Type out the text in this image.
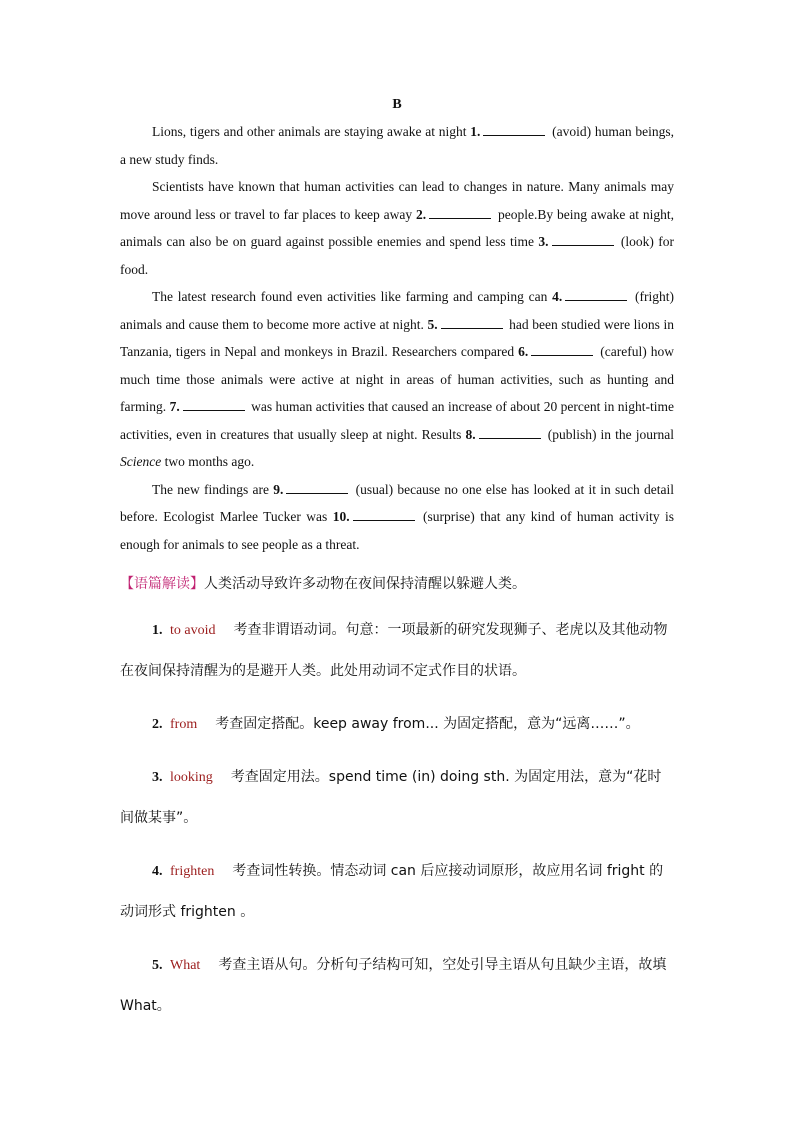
B

Lions, tigers and other animals are staying awake at night 1.	(avoid) human beings, a new study finds.

Scientists have known that human activities can lead to changes in nature. Many animals may move around less or travel to far places to keep away 2.	people.By being awake at night, animals can also be on guard against possible enemies and spend less time 3.	(look) for food.

The latest research found even activities like farming and camping can 4.	(fright) animals and cause them to become more active at night. 5.	had been studied were lions in Tanzania, tigers in Nepal and monkeys in Brazil. Researchers compared 6.	(careful) how much time those animals were active at night in areas of human activities, such as hunting and farming. 7.	was human activities that caused an increase of about 20 percent in night-time activities, even in creatures that usually sleep at night. Results 8.	(publish) in the journal Science two months ago.

The new findings are 9.	(usual) because no one else has looked at it in such detail before. Ecologist Marlee Tucker was 10.	(surprise) that any kind of human activity is enough for animals to see people as a threat.

【语篇解读】人类活动导致许多动物在夜间保持清醒以躲避人类。
1. to avoid 考查非谓语动词。句意：一项最新的研究发现狮子、老虎以及其他动物在夜间保持清醒为的是避开人类。此处用动词不定式作目的状语。
2. from 考查固定搭配。keep away from... 为固定搭配，意为“远离……”。
3. looking 考查固定用法。spend time (in) doing sth. 为固定用法，意为“花时间做某事”。
4. frighten 考查词性转换。情态动词 can 后应接动词原形，故应用名词 fright 的动词形式 frighten 。
5. What 考查主语从句。分析句子结构可知，空处引导主语从句且缺少主语，故填 What。
